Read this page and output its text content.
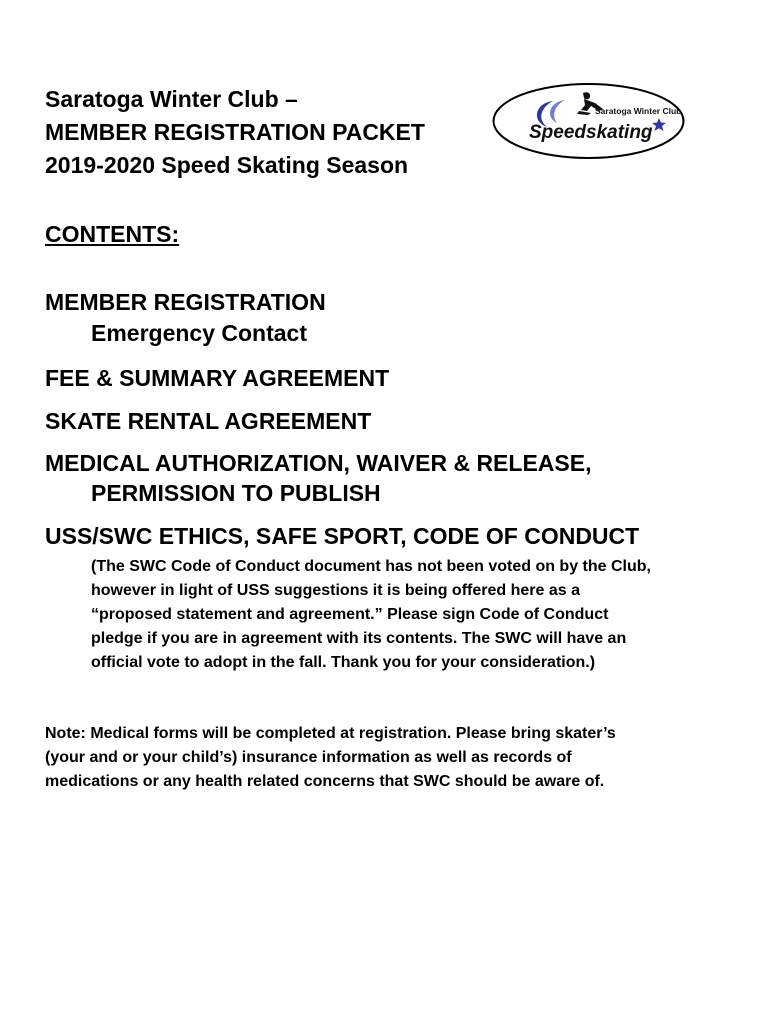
Saratoga Winter Club –
MEMBER REGISTRATION PACKET
2019-2020 Speed Skating Season
Saratoga Winter Club
Speedskating
CONTENTS:
MEMBER REGISTRATION
Emergency Contact
FEE & SUMMARY AGREEMENT
SKATE RENTAL AGREEMENT
MEDICAL AUTHORIZATION, WAIVER & RELEASE,
PERMISSION TO PUBLISH
USS/SWC ETHICS, SAFE SPORT, CODE OF CONDUCT
(The SWC Code of Conduct document has not been voted on by the Club,
however in light of USS suggestions it is being offered here as a
“proposed statement and agreement.” Please sign Code of Conduct
pledge if you are in agreement with its contents. The SWC will have an
official vote to adopt in the fall. Thank you for your consideration.)
Note: Medical forms will be completed at registration. Please bring skater’s
(your and or your child’s) insurance information as well as records of
medications or any health related concerns that SWC should be aware of.
